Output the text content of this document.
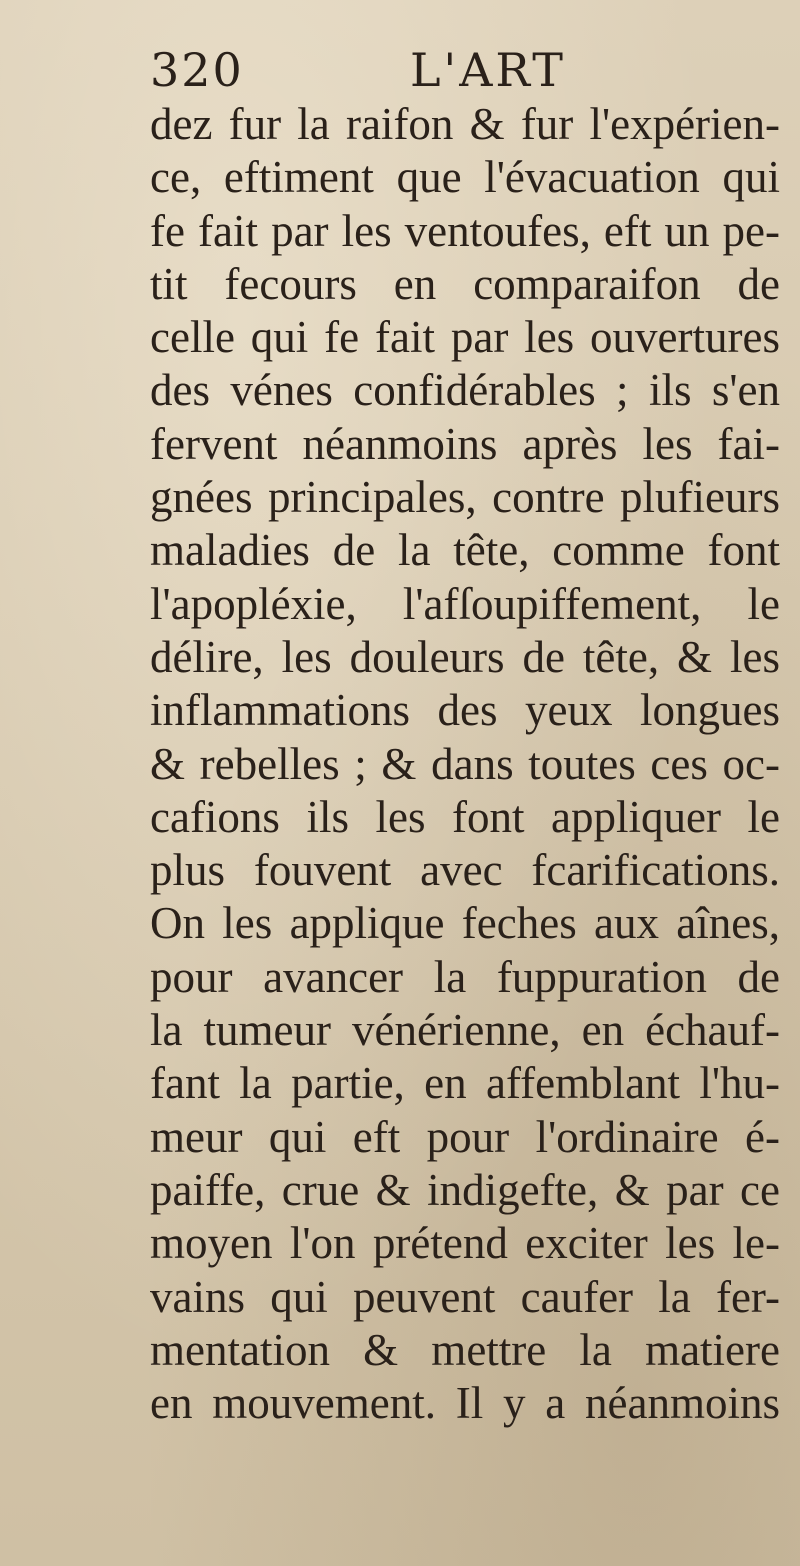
320	L'ART
dez fur la raifon & fur l'expérien-
ce, eftiment que l'évacuation qui
fe fait par les ventoufes, eft un pe-
tit fecours en comparaifon de
celle qui fe fait par les ouvertures
des vénes confidérables ; ils s'en
fervent néanmoins après les fai-
gnées principales, contre plufieurs
maladies de la tête, comme font
l'apopléxie, l'afſoupiffement, le
délire, les douleurs de tête, & les
inflammations des yeux longues
& rebelles ; & dans toutes ces oc-
cafions ils les font appliquer le
plus fouvent avec fcarifications.
On les applique feches aux aînes,
pour avancer la fuppuration de
la tumeur vénérienne, en échauf-
fant la partie, en affemblant l'hu-
meur qui eft pour l'ordinaire é-
paiffe, crue & indigefte, & par ce
moyen l'on prétend exciter les le-
vains qui peuvent caufer la fer-
mentation & mettre la matiere
en mouvement. Il y a néanmoins
